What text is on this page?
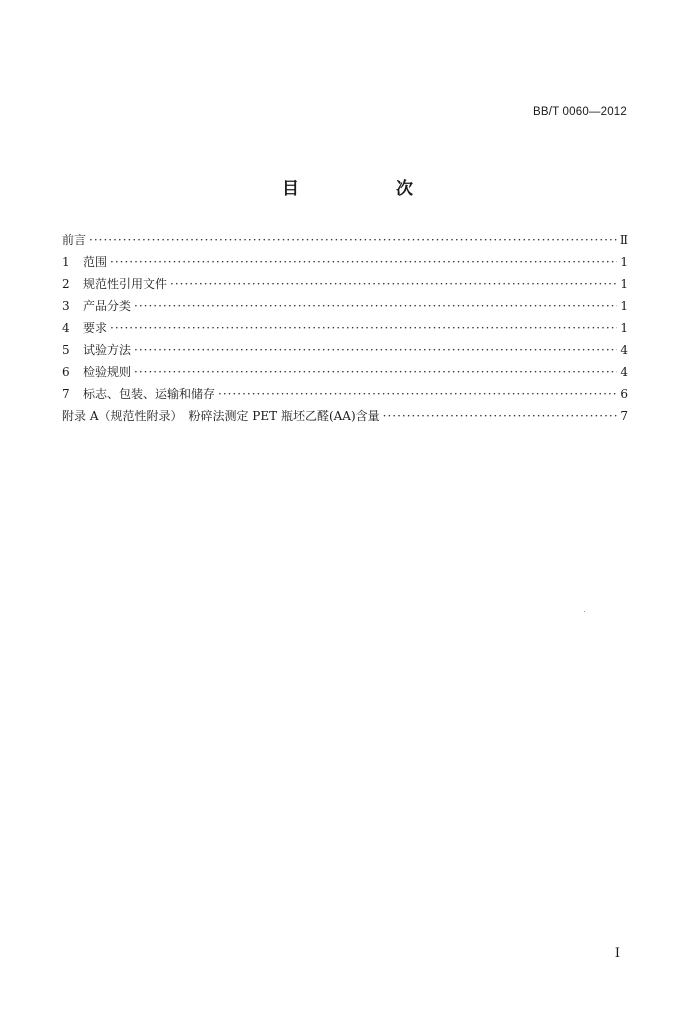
BB/T 0060—2012
目　次
前言 ·····	Ⅱ
1	范围 ·····	1
2	规范性引用文件 ·····	1
3	产品分类 ·····	1
4	要求 ·····	1
5	试验方法 ·····	4
6	检验规则 ·····	4
7	标志、包装、运输和储存 ·····	6
附录 A（规范性附录）　粉碎法测定 PET 瓶坯乙醛(AA)含量 ·····	7
Ⅰ
